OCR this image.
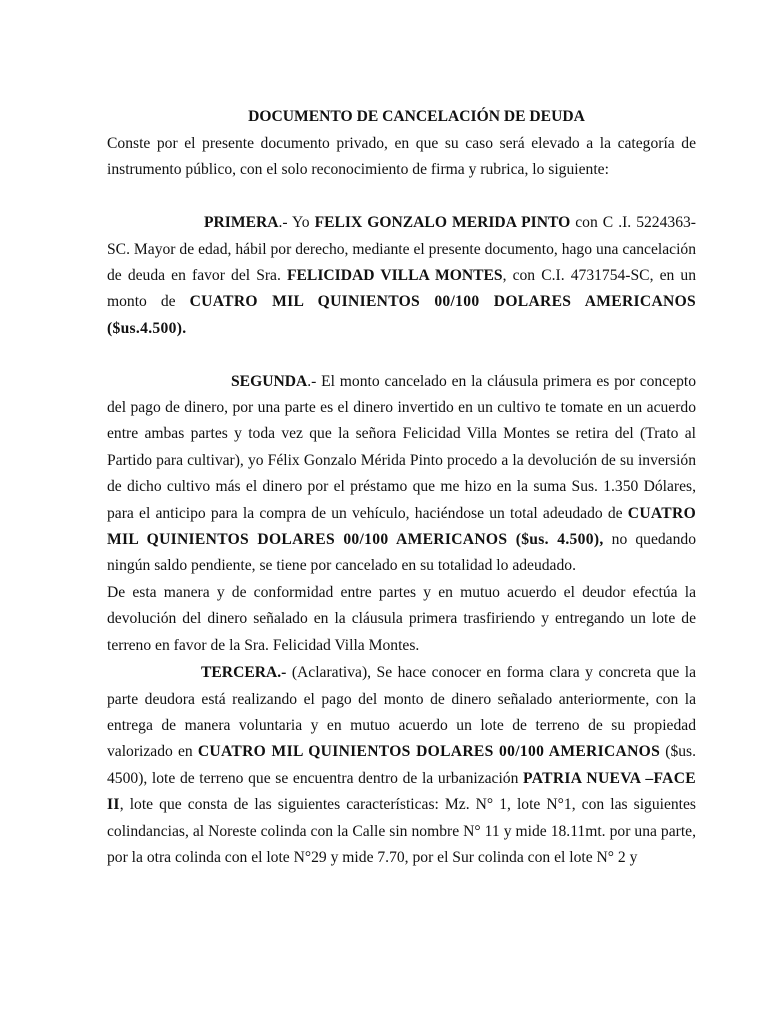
DOCUMENTO DE CANCELACIÓN DE DEUDA

Conste por el presente documento privado, en que su caso será elevado a la categoría de instrumento público, con el solo reconocimiento de firma y rubrica, lo siguiente:

PRIMERA.- Yo FELIX GONZALO MERIDA PINTO con C .I. 5224363-SC. Mayor de edad, hábil por derecho, mediante el presente documento, hago una cancelación de deuda en favor del Sra. FELICIDAD VILLA MONTES, con C.I. 4731754-SC, en un monto de CUATRO MIL QUINIENTOS 00/100 DOLARES AMERICANOS ($us.4.500).

SEGUNDA.- El monto cancelado en la cláusula primera es por concepto del pago de dinero, por una parte es el dinero invertido en un cultivo te tomate en un acuerdo entre ambas partes y toda vez que la señora Felicidad Villa Montes se retira del (Trato al Partido para cultivar), yo Félix Gonzalo Mérida Pinto procedo a la devolución de su inversión de dicho cultivo más el dinero por el préstamo que me hizo en la suma Sus. 1.350 Dólares, para el anticipo para la compra de un vehículo, haciéndose un total adeudado de CUATRO MIL QUINIENTOS DOLARES 00/100 AMERICANOS ($us. 4.500), no quedando ningún saldo pendiente, se tiene por cancelado en su totalidad lo adeudado.

De esta manera y de conformidad entre partes y en mutuo acuerdo el deudor efectúa la devolución del dinero señalado en la cláusula primera trasfiriendo y entregando un lote de terreno en favor de la Sra. Felicidad Villa Montes.

TERCERA.- (Aclarativa), Se hace conocer en forma clara y concreta que la parte deudora está realizando el pago del monto de dinero señalado anteriormente, con la entrega de manera voluntaria y en mutuo acuerdo un lote de terreno de su propiedad valorizado en CUATRO MIL QUINIENTOS DOLARES 00/100 AMERICANOS ($us. 4500), lote de terreno que se encuentra dentro de la urbanización PATRIA NUEVA –FACE II, lote que consta de las siguientes características: Mz. N° 1, lote N°1, con las siguientes colindancias, al Noreste colinda con la Calle sin nombre N° 11 y mide 18.11mt. por una parte, por la otra colinda con el lote N°29 y mide 7.70, por el Sur colinda con el lote N° 2 y
